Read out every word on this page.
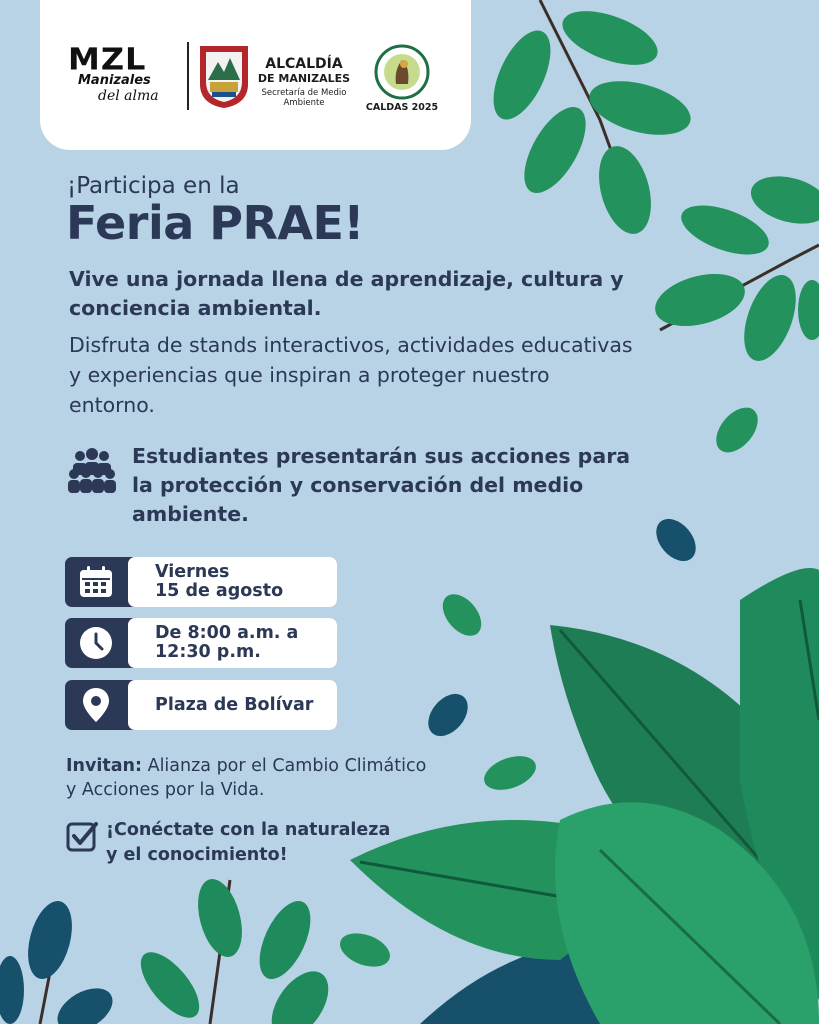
MZL
Manizales
del alma
ALCALDÍA
DE MANIZALES
Secretaría de Medio
Ambiente	CALDAS 2025
¡Participa en la
Feria PRAE!
Vive una jornada llena de aprendizaje, cultura y conciencia ambiental.
Disfruta de stands interactivos, actividades educativas y experiencias que inspiran a proteger nuestro entorno.
Estudiantes presentarán sus acciones para la protección y conservación del medio ambiente.
Viernes
15 de agosto
De 8:00 a.m. a
12:30 p.m.
Plaza de Bolívar
Invitan: Alianza por el Cambio Climático y Acciones por la Vida.
¡Conéctate con la naturaleza
y el conocimiento!
